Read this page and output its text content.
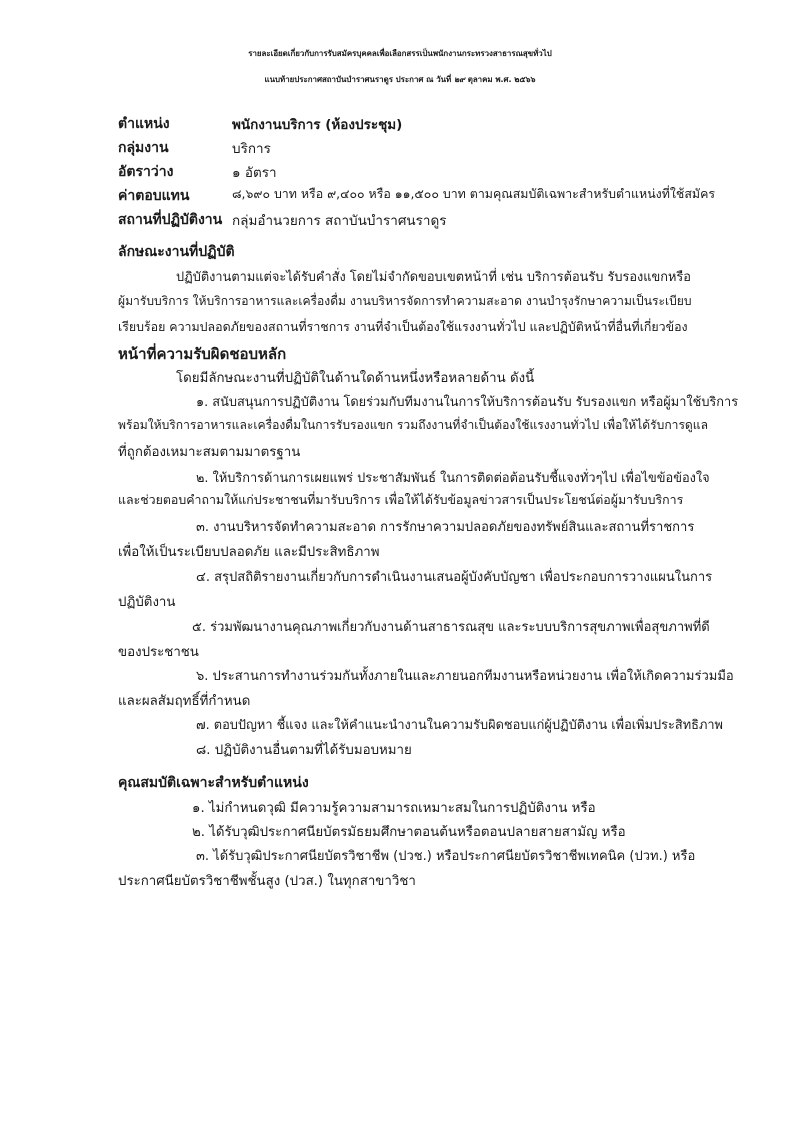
รายละเอียดเกี่ยวกับการรับสมัครบุคคลเพื่อเลือกสรรเป็นพนักงานกระทรวงสาธารณสุขทั่วไป
แนบท้ายประกาศสถาบันบำราศนราดูร ประกาศ ณ วันที่ ๒๙ ตุลาคม พ.ศ. ๒๕๖๖
ตำแหน่ง	พนักงานบริการ (ห้องประชุม)
กลุ่มงาน	บริการ
อัตราว่าง	๑ อัตรา
ค่าตอบแทน	๘,๖๙๐ บาท หรือ ๙,๔๐๐ หรือ ๑๑,๕๐๐ บาท ตามคุณสมบัติเฉพาะสำหรับตำแหน่งที่ใช้สมัคร
สถานที่ปฏิบัติงาน กลุ่มอำนวยการ สถาบันบำราศนราดูร
ลักษณะงานที่ปฏิบัติ
ปฏิบัติงานตามแต่จะได้รับคำสั่ง โดยไม่จำกัดขอบเขตหน้าที่ เช่น บริการต้อนรับ รับรองแขกหรือ
ผู้มารับบริการ ให้บริการอาหารและเครื่องดื่ม งานบริหารจัดการทำความสะอาด งานบำรุงรักษาความเป็นระเบียบ
เรียบร้อย ความปลอดภัยของสถานที่ราชการ งานที่จำเป็นต้องใช้แรงงานทั่วไป และปฏิบัติหน้าที่อื่นที่เกี่ยวข้อง
หน้าที่ความรับผิดชอบหลัก
โดยมีลักษณะงานที่ปฏิบัติในด้านใดด้านหนึ่งหรือหลายด้าน ดังนี้
๑. สนับสนุนการปฏิบัติงาน โดยร่วมกับทีมงานในการให้บริการต้อนรับ รับรองแขก หรือผู้มาใช้บริการ
พร้อมให้บริการอาหารและเครื่องดื่มในการรับรองแขก รวมถึงงานที่จำเป็นต้องใช้แรงงานทั่วไป เพื่อให้ได้รับการดูแล
ที่ถูกต้องเหมาะสมตามมาตรฐาน
๒. ให้บริการด้านการเผยแพร่ ประชาสัมพันธ์ ในการติดต่อต้อนรับชี้แจงทั่วๆไป เพื่อไขข้อข้องใจ
และช่วยตอบคำถามให้แก่ประชาชนที่มารับบริการ เพื่อให้ได้รับข้อมูลข่าวสารเป็นประโยชน์ต่อผู้มารับบริการ
๓. งานบริหารจัดทำความสะอาด การรักษาความปลอดภัยของทรัพย์สินและสถานที่ราชการ
เพื่อให้เป็นระเบียบปลอดภัย และมีประสิทธิภาพ
๔. สรุปสถิติรายงานเกี่ยวกับการดำเนินงานเสนอผู้บังคับบัญชา เพื่อประกอบการวางแผนในการ
ปฏิบัติงาน
๕. ร่วมพัฒนางานคุณภาพเกี่ยวกับงานด้านสาธารณสุข และระบบบริการสุขภาพเพื่อสุขภาพที่ดี
ของประชาชน
๖. ประสานการทำงานร่วมกันทั้งภายในและภายนอกทีมงานหรือหน่วยงาน เพื่อให้เกิดความร่วมมือ
และผลสัมฤทธิ์ที่กำหนด
๗. ตอบปัญหา ชี้แจง และให้คำแนะนำงานในความรับผิดชอบแก่ผู้ปฏิบัติงาน เพื่อเพิ่มประสิทธิภาพ
๘. ปฏิบัติงานอื่นตามที่ได้รับมอบหมาย
คุณสมบัติเฉพาะสำหรับตำแหน่ง
๑. ไม่กำหนดวุฒิ มีความรู้ความสามารถเหมาะสมในการปฏิบัติงาน หรือ
๒. ได้รับวุฒิประกาศนียบัตรมัธยมศึกษาตอนต้นหรือตอนปลายสายสามัญ หรือ
๓. ได้รับวุฒิประกาศนียบัตรวิชาชีพ (ปวช.) หรือประกาศนียบัตรวิชาชีพเทคนิค (ปวท.) หรือ
ประกาศนียบัตรวิชาชีพชั้นสูง (ปวส.) ในทุกสาขาวิชา
